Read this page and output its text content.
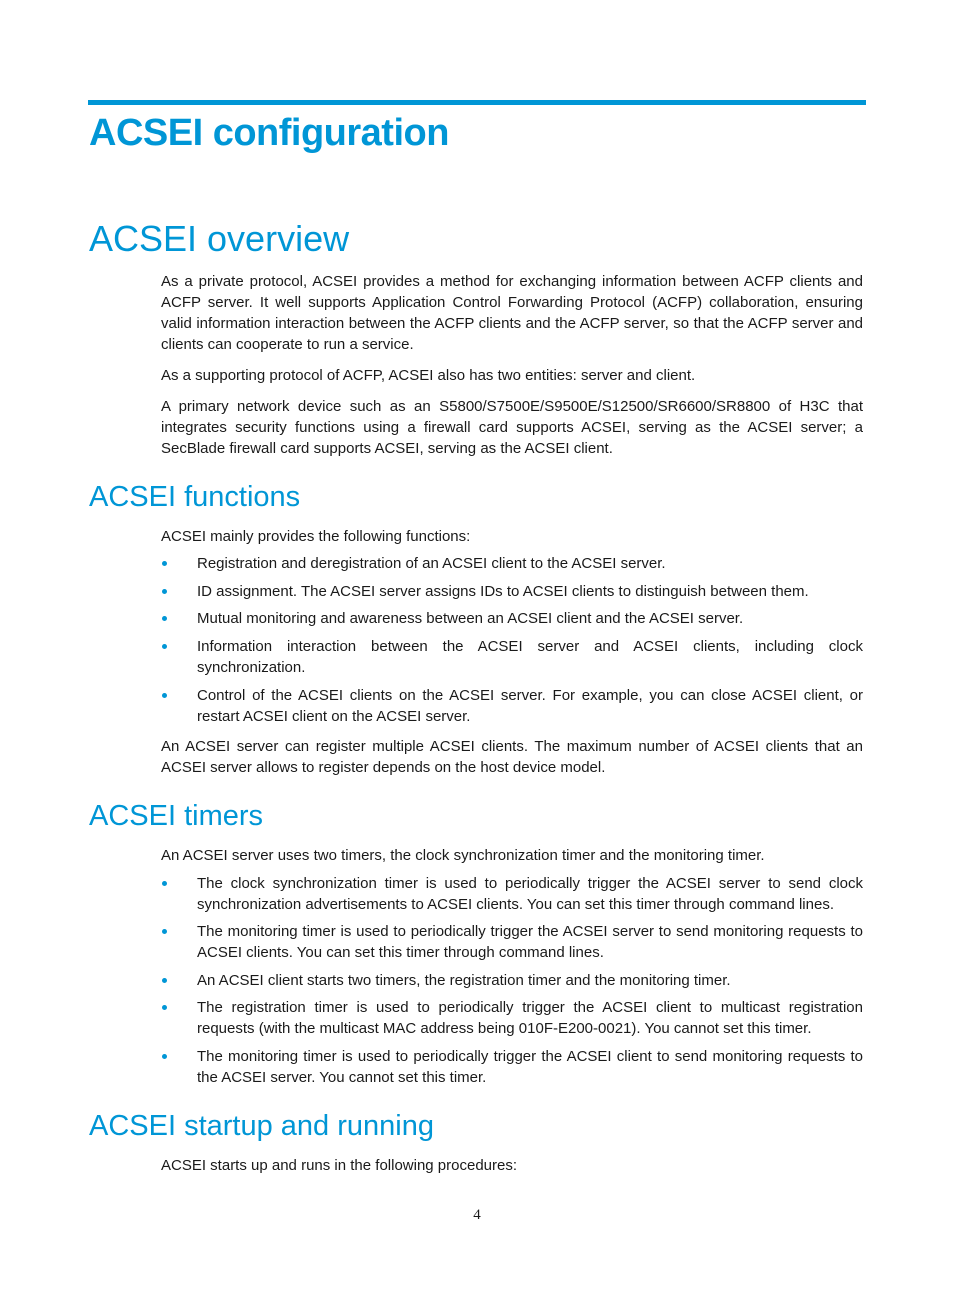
ACSEI configuration
ACSEI overview

As a private protocol, ACSEI provides a method for exchanging information between ACFP clients and ACFP server. It well supports Application Control Forwarding Protocol (ACFP) collaboration, ensuring valid information interaction between the ACFP clients and the ACFP server, so that the ACFP server and clients can cooperate to run a service.

As a supporting protocol of ACFP, ACSEI also has two entities: server and client.

A primary network device such as an S5800/S7500E/S9500E/S12500/SR6600/SR8800 of H3C that integrates security functions using a firewall card supports ACSEI, serving as the ACSEI server; a SecBlade firewall card supports ACSEI, serving as the ACSEI client.

ACSEI functions

ACSEI mainly provides the following functions:

Registration and deregistration of an ACSEI client to the ACSEI server.
ID assignment. The ACSEI server assigns IDs to ACSEI clients to distinguish between them.
Mutual monitoring and awareness between an ACSEI client and the ACSEI server.
Information interaction between the ACSEI server and ACSEI clients, including clock synchronization.
Control of the ACSEI clients on the ACSEI server. For example, you can close ACSEI client, or restart ACSEI client on the ACSEI server.

An ACSEI server can register multiple ACSEI clients. The maximum number of ACSEI clients that an ACSEI server allows to register depends on the host device model.

ACSEI timers

An ACSEI server uses two timers, the clock synchronization timer and the monitoring timer.

The clock synchronization timer is used to periodically trigger the ACSEI server to send clock synchronization advertisements to ACSEI clients. You can set this timer through command lines.
The monitoring timer is used to periodically trigger the ACSEI server to send monitoring requests to ACSEI clients. You can set this timer through command lines.
An ACSEI client starts two timers, the registration timer and the monitoring timer.
The registration timer is used to periodically trigger the ACSEI client to multicast registration requests (with the multicast MAC address being 010F-E200-0021). You cannot set this timer.
The monitoring timer is used to periodically trigger the ACSEI client to send monitoring requests to the ACSEI server. You cannot set this timer.
ACSEI startup and running

ACSEI starts up and runs in the following procedures:

4
